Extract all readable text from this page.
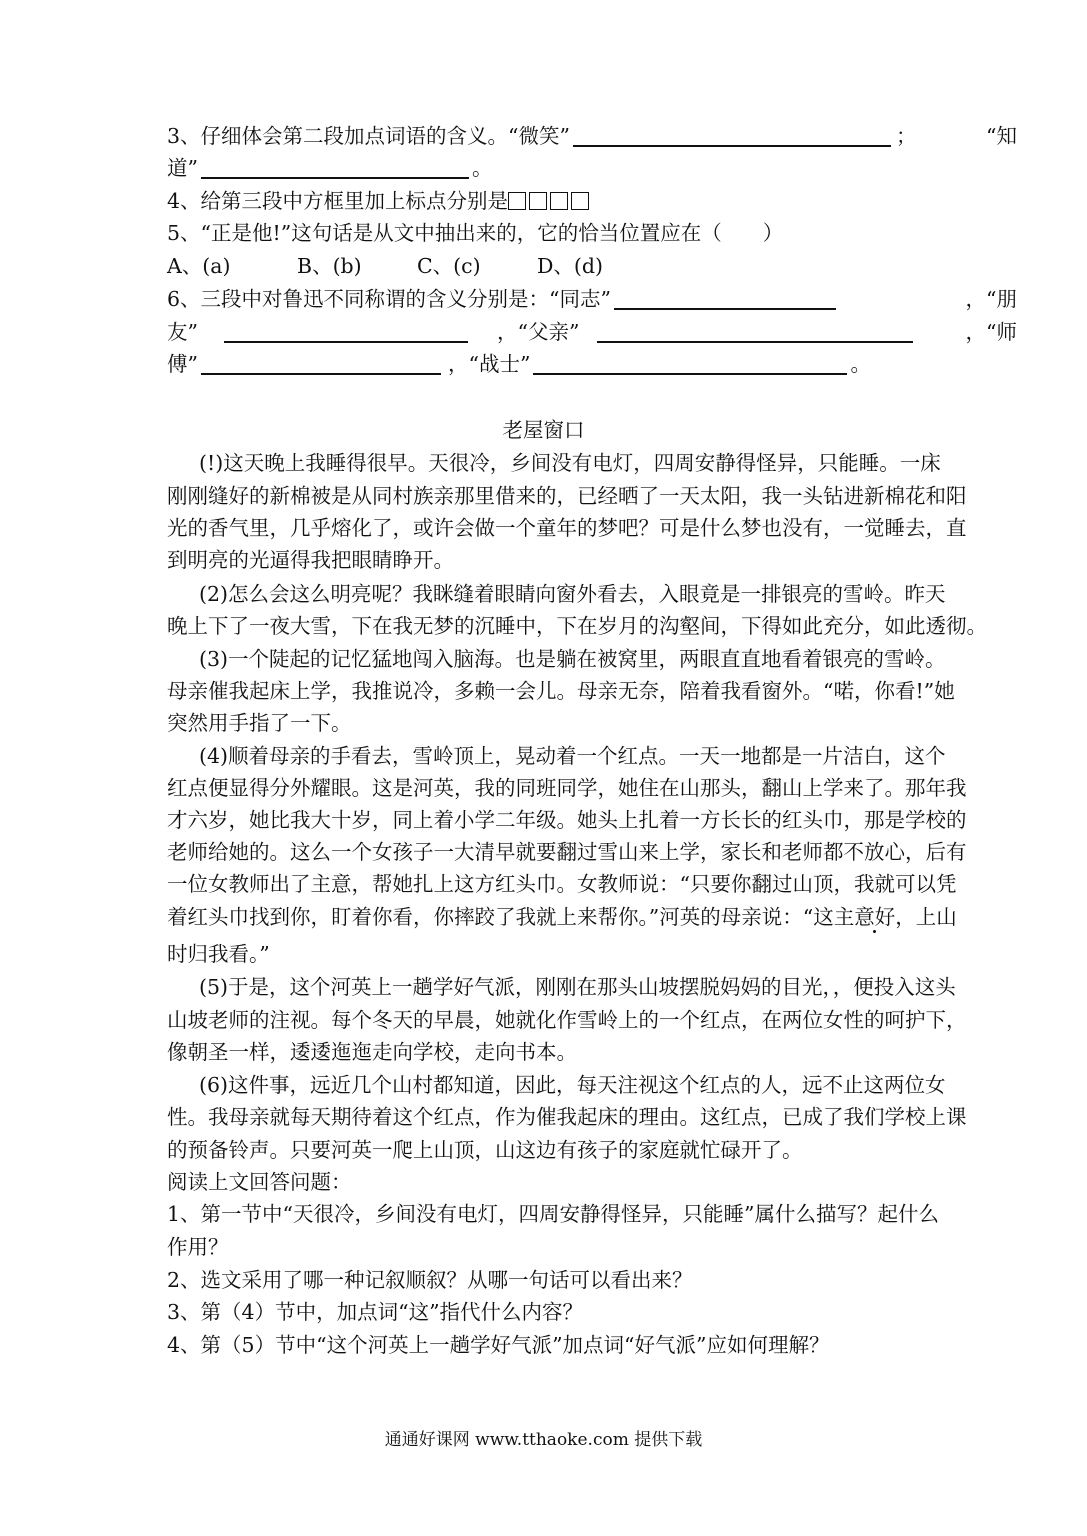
3、仔细体会第二段加点词语的含义。“微笑”	；	“知
道”	。
4、给第三段中方框里加上标点分别是
5、“正是他!”这句话是从文中抽出来的，它的恰当位置应在（　　）
A、(a)	B、(b)	C、(c)	D、(d)
6、三段中对鲁迅不同称谓的含义分别是：“同志”	，“朋
友”	，“父亲”	，“师
傅”	，“战士”	。
老屋窗口
(!)这天晚上我睡得很早。天很冷，乡间没有电灯，四周安静得怪异，只能睡。一床
刚刚缝好的新棉被是从同村族亲那里借来的，已经晒了一天太阳，我一头钻进新棉花和阳
光的香气里，几乎熔化了，或许会做一个童年的梦吧？可是什么梦也没有，一觉睡去，直
到明亮的光逼得我把眼睛睁开。
(2)怎么会这么明亮呢？我眯缝着眼睛向窗外看去，入眼竟是一排银亮的雪岭。昨天
晚上下了一夜大雪，下在我无梦的沉睡中，下在岁月的沟壑间，下得如此充分，如此透彻。
(3)一个陡起的记忆猛地闯入脑海。也是躺在被窝里，两眼直直地看着银亮的雪岭。
母亲催我起床上学，我推说冷，多赖一会儿。母亲无奈，陪着我看窗外。“喏，你看!”她
突然用手指了一下。
(4)顺着母亲的手看去，雪岭顶上，晃动着一个红点。一天一地都是一片洁白，这个
红点便显得分外耀眼。这是河英，我的同班同学，她住在山那头，翻山上学来了。那年我
才六岁，她比我大十岁，同上着小学二年级。她头上扎着一方长长的红头巾，那是学校的
老师给她的。这么一个女孩子一大清早就要翻过雪山来上学，家长和老师都不放心，后有
一位女教师出了主意，帮她扎上这方红头巾。女教师说：“只要你翻过山顶，我就可以凭
着红头巾找到你，盯着你看，你摔跤了我就上来帮你。”河英的母亲说：“这主意好，上山
时归我看。”
(5)于是，这个河英上一趟学好气派，刚刚在那头山坡摆脱妈妈的目光，，便投入这头
山坡老师的注视。每个冬天的早晨，她就化作雪岭上的一个红点，在两位女性的呵护下，
像朝圣一样，逶逶迤迤走向学校，走向书本。
(6)这件事，远近几个山村都知道，因此，每天注视这个红点的人，远不止这两位女
性。我母亲就每天期待着这个红点，作为催我起床的理由。这红点，已成了我们学校上课
的预备铃声。只要河英一爬上山顶，山这边有孩子的家庭就忙碌开了。
阅读上文回答问题：
1、第一节中“天很冷，乡间没有电灯，四周安静得怪异，只能睡”属什么描写？起什么
作用？
2、选文采用了哪一种记叙顺叙？从哪一句话可以看出来？
3、第（4）节中，加点词“这”指代什么内容？
4、第（5）节中“这个河英上一趟学好气派”加点词“好气派”应如何理解？
通通好课网 www.tthaoke.com 提供下载
